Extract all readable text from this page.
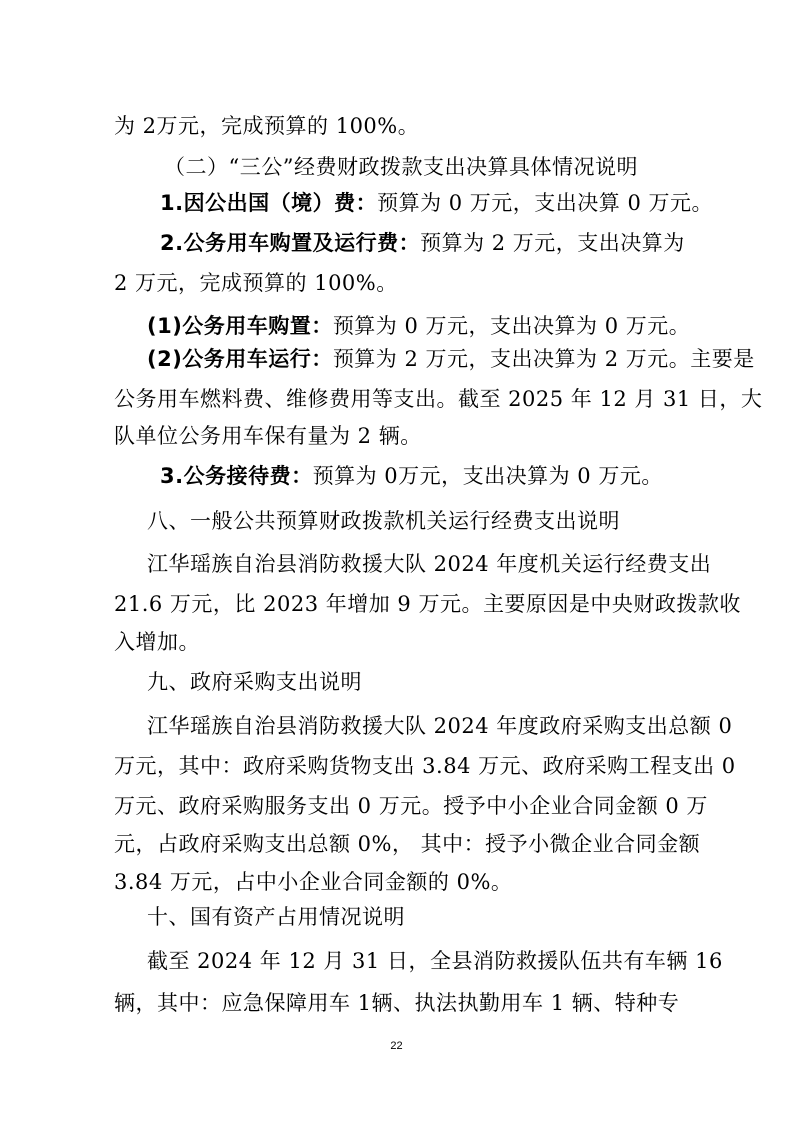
为 2万元，完成预算的 100%。
（二）“三公”经费财政拨款支出决算具体情况说明
1.因公出国（境）费：预算为 0 万元，支出决算 0 万元。
2.公务用车购置及运行费：预算为 2 万元，支出决算为
2 万元，完成预算的 100%。
(1)公务用车购置：预算为 0 万元，支出决算为 0 万元。
(2)公务用车运行：预算为 2 万元，支出决算为 2 万元。主要是
公务用车燃料费、维修费用等支出。截至 2025 年 12 月 31 日，大
队单位公务用车保有量为 2 辆。
3.公务接待费：预算为 0万元，支出决算为 0 万元。
八、一般公共预算财政拨款机关运行经费支出说明
江华瑶族自治县消防救援大队 2024 年度机关运行经费支出
21.6 万元，比 2023 年增加 9 万元。主要原因是中央财政拨款收
入增加。
九、政府采购支出说明
江华瑶族自治县消防救援大队 2024 年度政府采购支出总额 0
万元，其中：政府采购货物支出 3.84 万元、政府采购工程支出 0
万元、政府采购服务支出 0 万元。授予中小企业合同金额 0 万
元，占政府采购支出总额 0%， 其中：授予小微企业合同金额
3.84 万元，占中小企业合同金额的 0%。
十、国有资产占用情况说明
截至 2024 年 12 月 31 日，全县消防救援队伍共有车辆 16
辆，其中：应急保障用车 1辆、执法执勤用车 1 辆、特种专
22
